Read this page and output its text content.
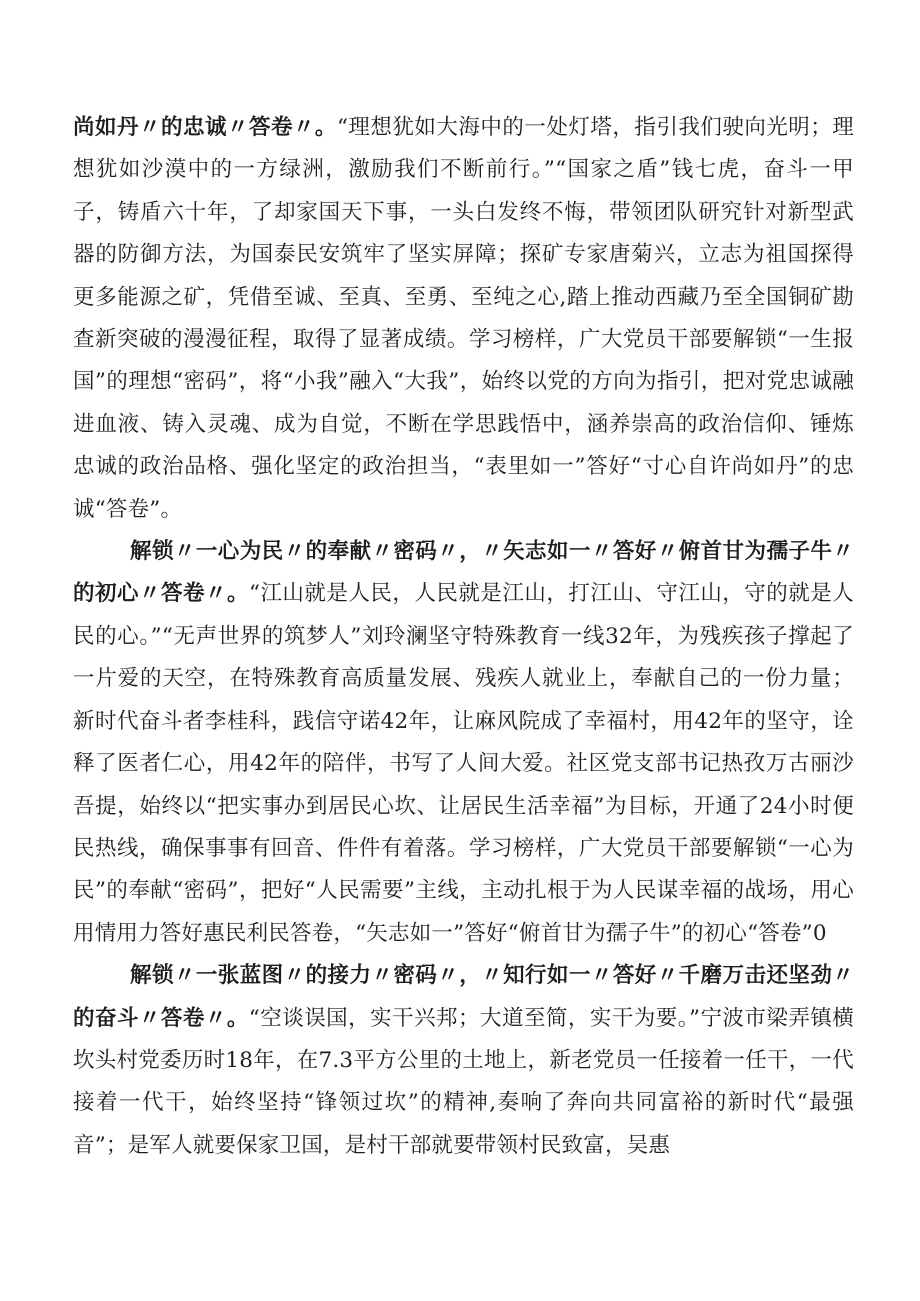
尚如丹〃的忠诚〃答卷〃。“理想犹如大海中的一处灯塔，指引我们驶向光明；理想犹如沙漠中的一方绿洲，激励我们不断前行。”“国家之盾”钱七虎，奋斗一甲子，铸盾六十年，了却家国天下事，一头白发终不悔，带领团队研究针对新型武器的防御方法，为国泰民安筑牢了坚实屏障；探矿专家唐菊兴，立志为祖国探得更多能源之矿，凭借至诚、至真、至勇、至纯之心,踏上推动西藏乃至全国铜矿勘查新突破的漫漫征程，取得了显著成绩。学习榜样，广大党员干部要解锁“一生报国”的理想“密码”，将“小我”融入“大我”，始终以党的方向为指引，把对党忠诚融进血液、铸入灵魂、成为自觉，不断在学思践悟中，涵养崇高的政治信仰、锤炼忠诚的政治品格、强化坚定的政治担当，“表里如一”答好“寸心自许尚如丹”的忠诚“答卷”。

解锁〃一心为民〃的奉献〃密码〃，〃矢志如一〃答好〃俯首甘为孺子牛〃的初心〃答卷〃。“江山就是人民，人民就是江山，打江山、守江山，守的就是人民的心。”“无声世界的筑梦人”刘玲澜坚守特殊教育一线32年，为残疾孩子撑起了一片爱的天空，在特殊教育高质量发展、残疾人就业上，奉献自己的一份力量；新时代奋斗者李桂科，践信守诺42年，让麻风院成了幸福村，用42年的坚守，诠释了医者仁心，用42年的陪伴，书写了人间大爱。社区党支部书记热孜万古丽沙吾提，始终以“把实事办到居民心坎、让居民生活幸福”为目标，开通了24小时便民热线，确保事事有回音、件件有着落。学习榜样，广大党员干部要解锁“一心为民”的奉献“密码”，把好“人民需要”主线，主动扎根于为人民谋幸福的战场，用心用情用力答好惠民利民答卷，“矢志如一”答好“俯首甘为孺子牛”的初心“答卷”0

解锁〃一张蓝图〃的接力〃密码〃，〃知行如一〃答好〃千磨万击还坚劲〃的奋斗〃答卷〃。“空谈误国，实干兴邦；大道至简，实干为要。”宁波市梁弄镇横坎头村党委历时18年，在7.3平方公里的土地上，新老党员一任接着一任干，一代接着一代干，始终坚持“锋领过坎”的精神,奏响了奔向共同富裕的新时代“最强音”；是军人就要保家卫国，是村干部就要带领村民致富，吴惠
